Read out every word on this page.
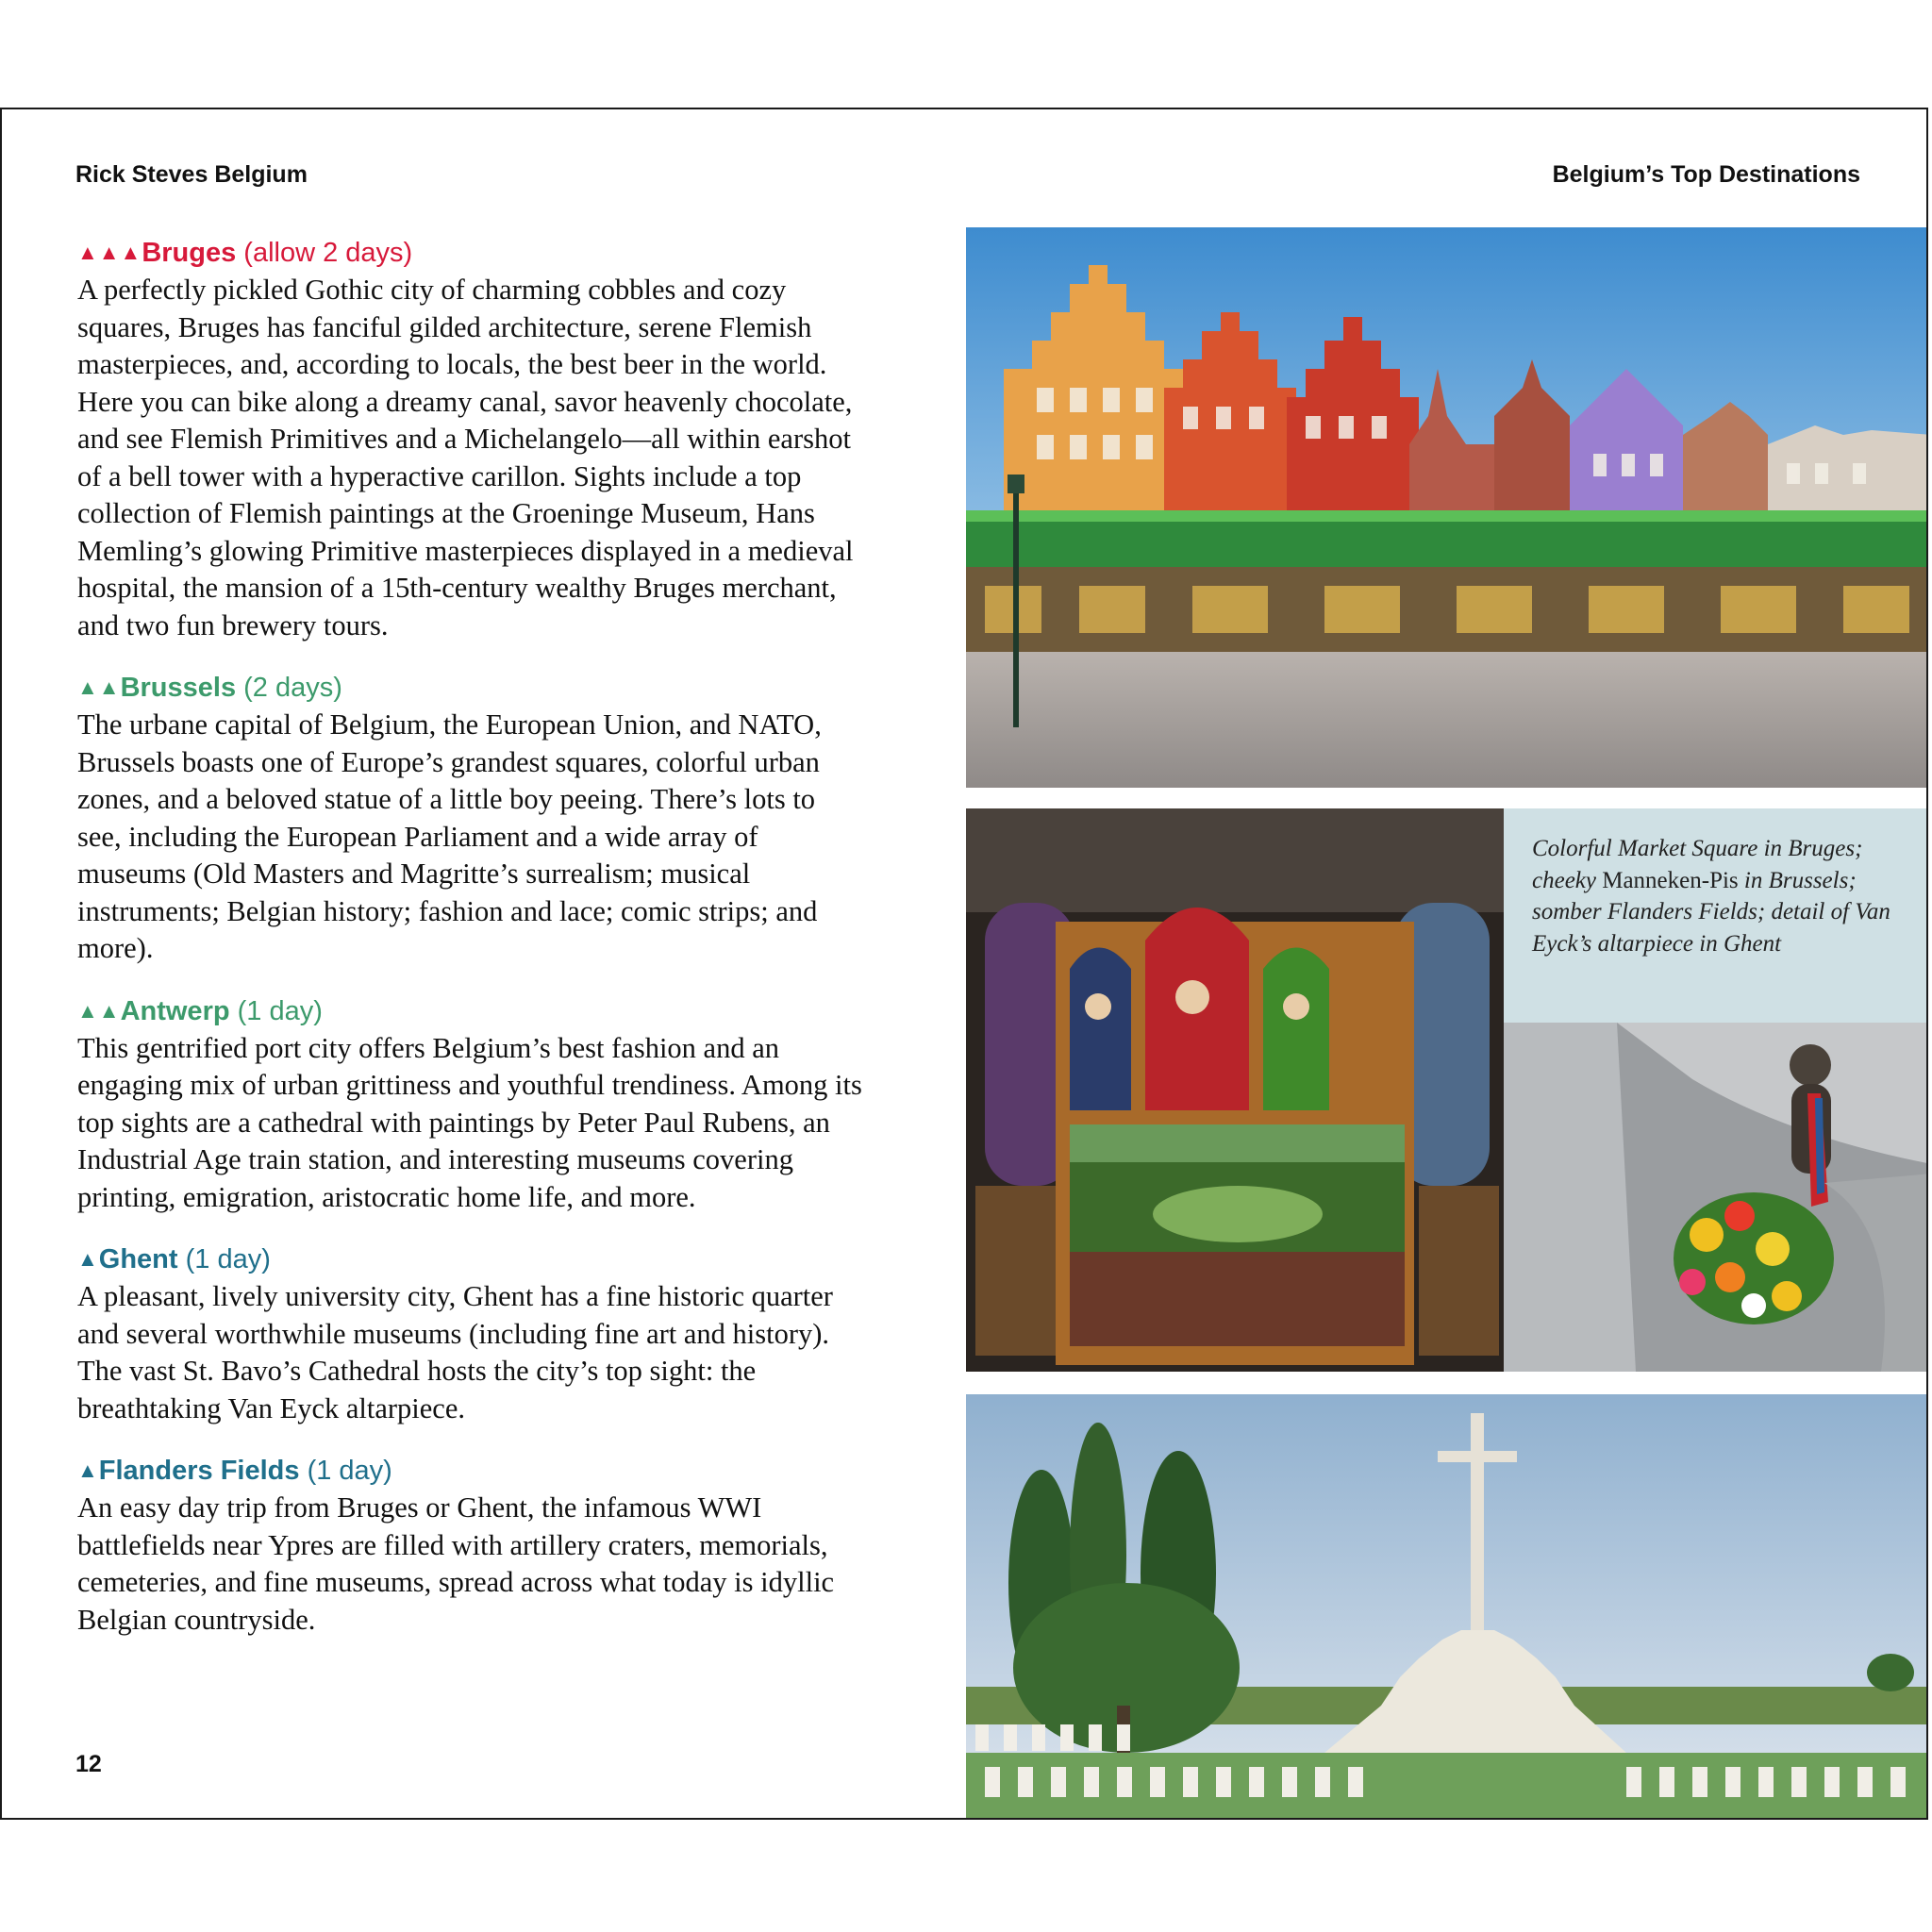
Rick Steves Belgium	Belgium’s Top Destinations
▲▲▲Bruges (allow 2 days)

A perfectly pickled Gothic city of charming cobbles and cozy squares, Bruges has fanciful gilded architecture, serene Flemish masterpieces, and, according to locals, the best beer in the world. Here you can bike along a dreamy canal, savor heavenly chocolate, and see Flemish Primitives and a Michelangelo—all within earshot of a bell tower with a hyperactive carillon. Sights include a top collection of Flemish paintings at the Groeninge Museum, Hans Memling’s glowing Primitive masterpieces displayed in a medieval hospital, the mansion of a 15th-century wealthy Bruges merchant, and two fun brewery tours.

▲▲Brussels (2 days)

The urbane capital of Belgium, the European Union, and NATO, Brussels boasts one of Europe’s grandest squares, colorful urban zones, and a beloved statue of a little boy peeing. There’s lots to see, including the European Parliament and a wide array of museums (Old Masters and Magritte’s surrealism; musical instruments; Belgian history; fashion and lace; comic strips; and more).

▲▲Antwerp (1 day)

This gentrified port city offers Belgium’s best fashion and an engaging mix of urban grittiness and youthful trendiness. Among its top sights are a cathedral with paintings by Peter Paul Rubens, an Industrial Age train station, and interesting museums covering printing, emigration, aristocratic home life, and more.

▲Ghent (1 day)

A pleasant, lively university city, Ghent has a fine historic quarter and several worthwhile museums (including fine art and history). The vast St. Bavo’s Cathedral hosts the city’s top sight: the breathtaking Van Eyck altarpiece.

▲Flanders Fields (1 day)

An easy day trip from Bruges or Ghent, the infamous WWI battlefields near Ypres are filled with artillery craters, memorials, cemeteries, and fine museums, spread across what today is idyllic Belgian countryside.

12

Colorful Market Square in Bruges; cheeky Manneken-Pis in Brussels; somber Flanders Fields; detail of Van Eyck’s altarpiece in Ghent
